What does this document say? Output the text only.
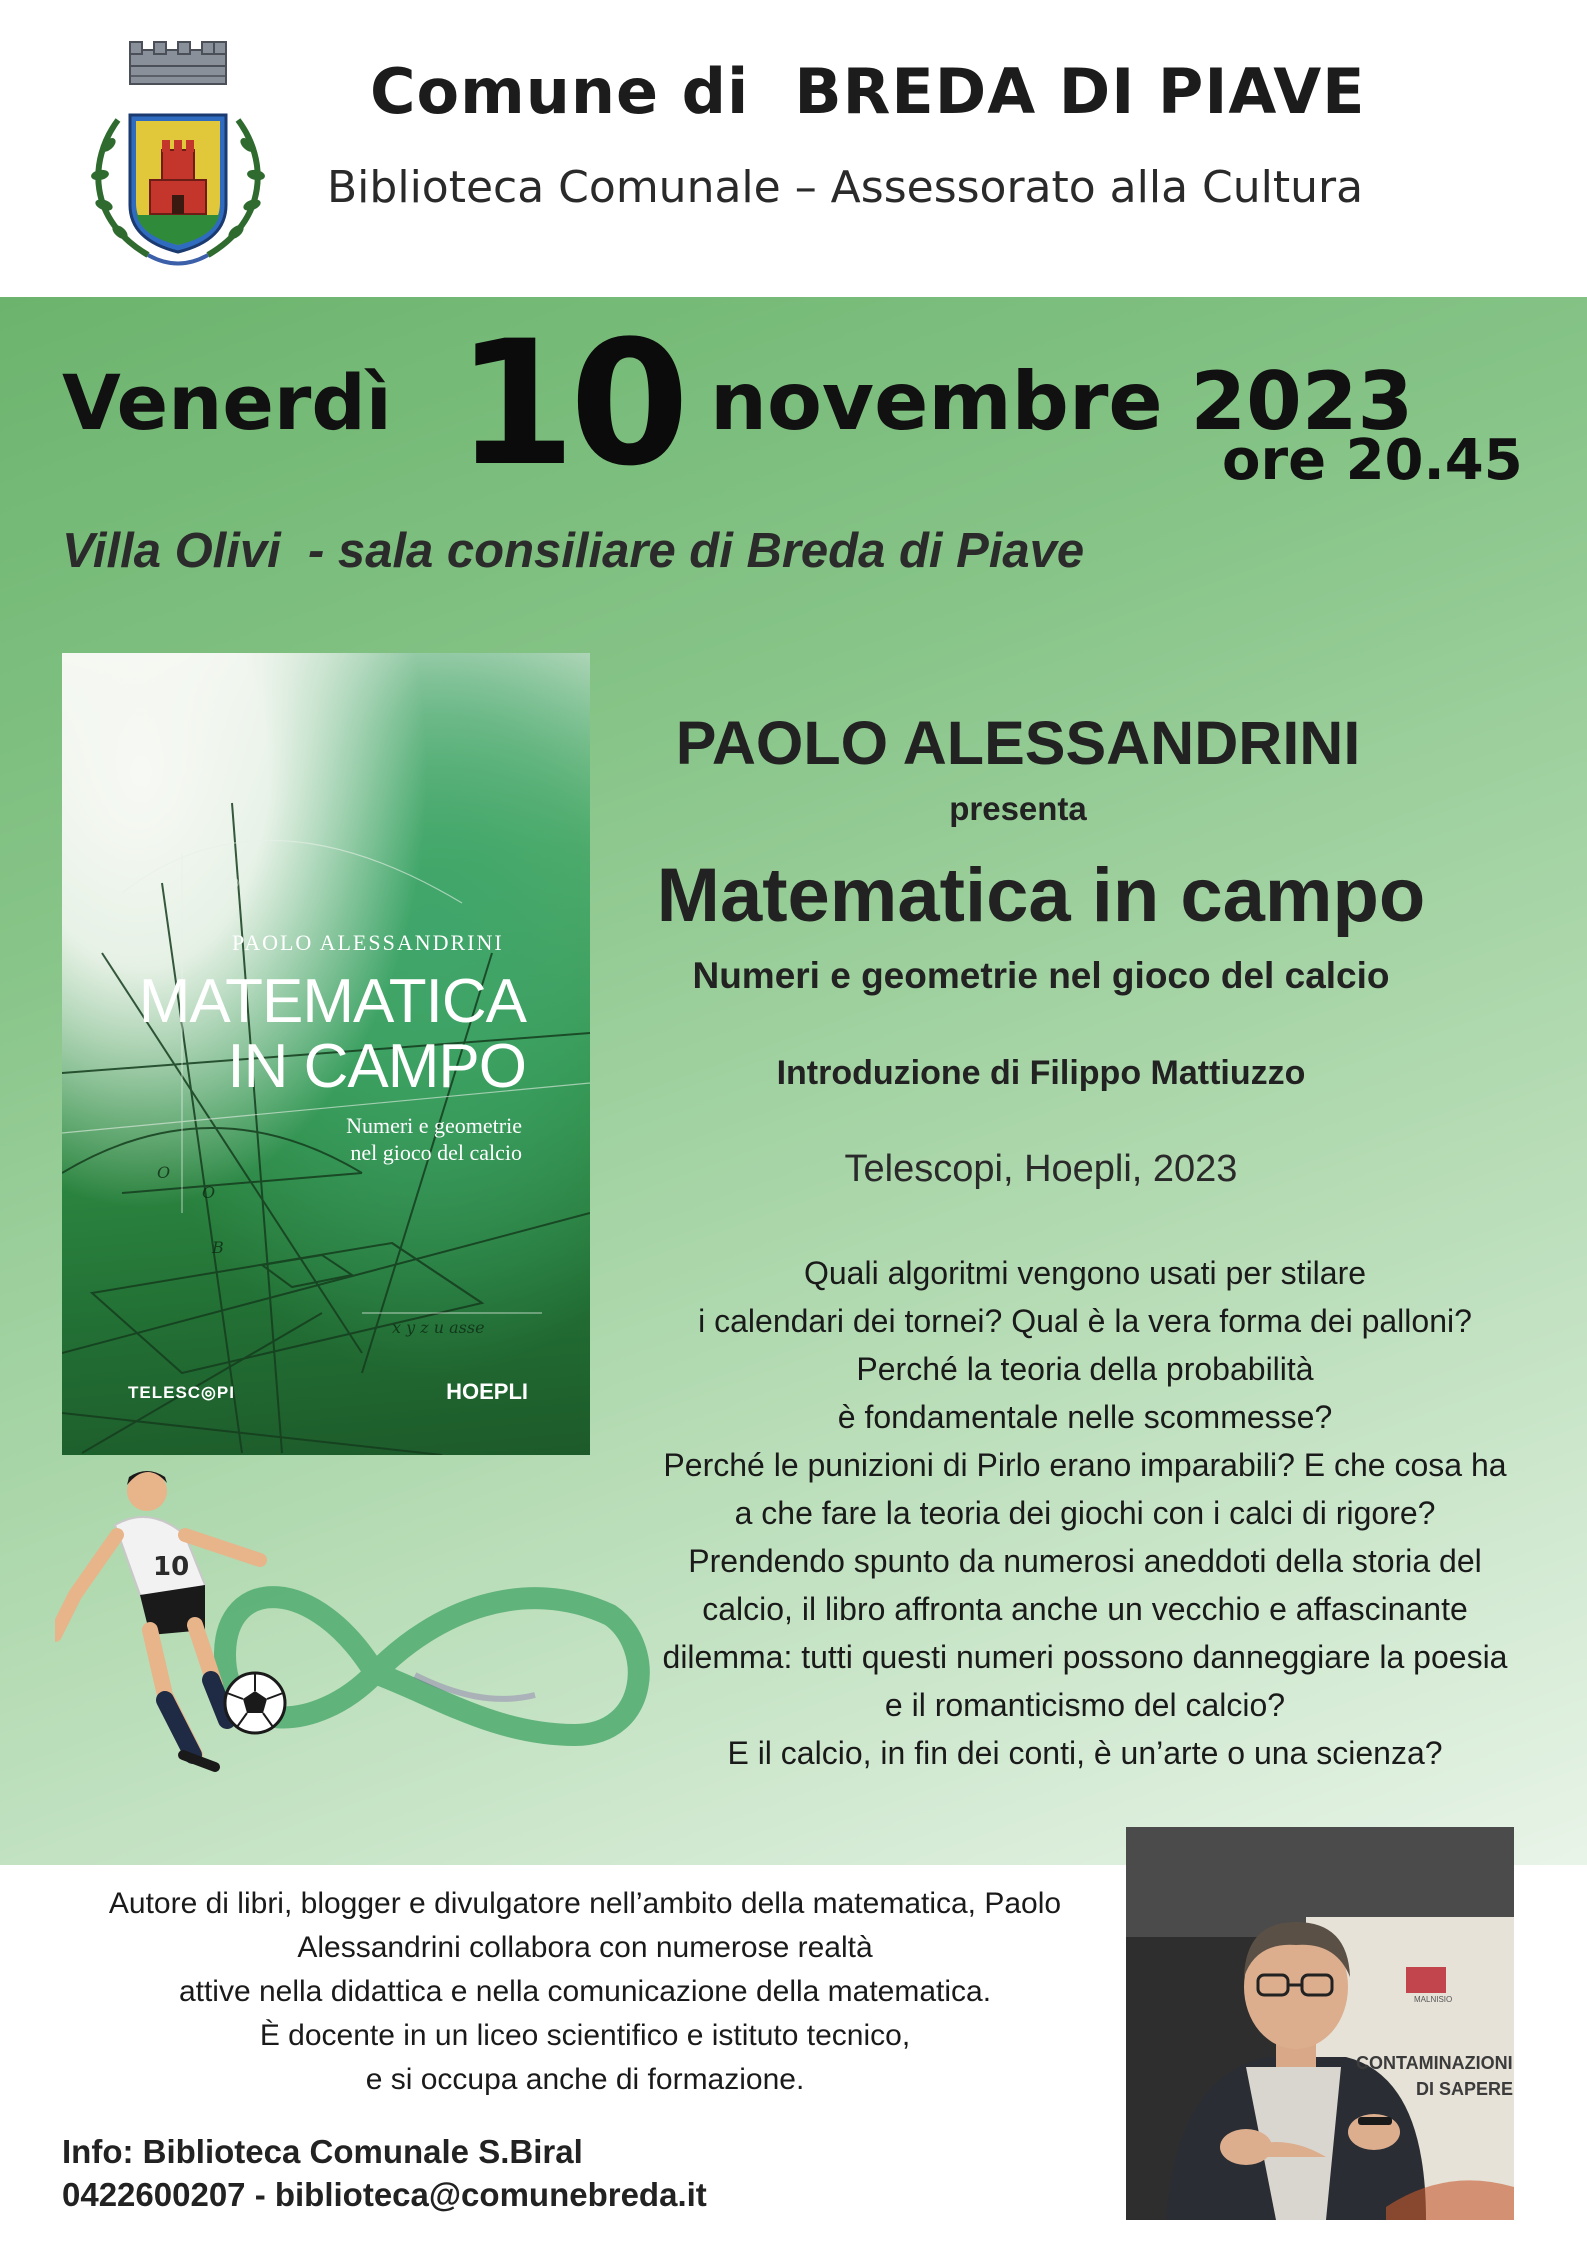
Comune di  BREDA DI PIAVE
Biblioteca Comunale – Assessorato alla Cultura
Venerdì 10 novembre 2023
ore 20.45
Villa Olivi  - sala consiliare di Breda di Piave
O
B
x y z u asse
O
PAOLO ALESSANDRINI
MATEMATICA
IN CAMPO
Numeri e geometrie
nel gioco del calcio
TELESC◎PI	HOEPLI
10
PAOLO ALESSANDRINI
presenta
Matematica in campo
Numeri e geometrie nel gioco del calcio
Introduzione di Filippo Mattiuzzo
Telescopi, Hoepli, 2023
Quali algoritmi vengono usati per stilare
i calendari dei tornei? Qual è la vera forma dei palloni?
Perché la teoria della probabilità
è fondamentale nelle scommesse?
Perché le punizioni di Pirlo erano imparabili? E che cosa ha
a che fare la teoria dei giochi con i calci di rigore?
Prendendo spunto da numerosi aneddoti della storia del
calcio, il libro affronta anche un vecchio e affascinante
dilemma: tutti questi numeri possono danneggiare la poesia
e il romanticismo del calcio?
E il calcio, in fin dei conti, è un’arte o una scienza?
Autore di libri, blogger e divulgatore nell’ambito della matematica, Paolo
Alessandrini collabora con numerose realtà
attive nella didattica e nella comunicazione della matematica.
È docente in un liceo scientifico e istituto tecnico,
e si occupa anche di formazione.
Info: Biblioteca Comunale S.Biral
0422600207 - biblioteca@comunebreda.it
MALNISIO
CONTAMINAZIONI
DI SAPERE
